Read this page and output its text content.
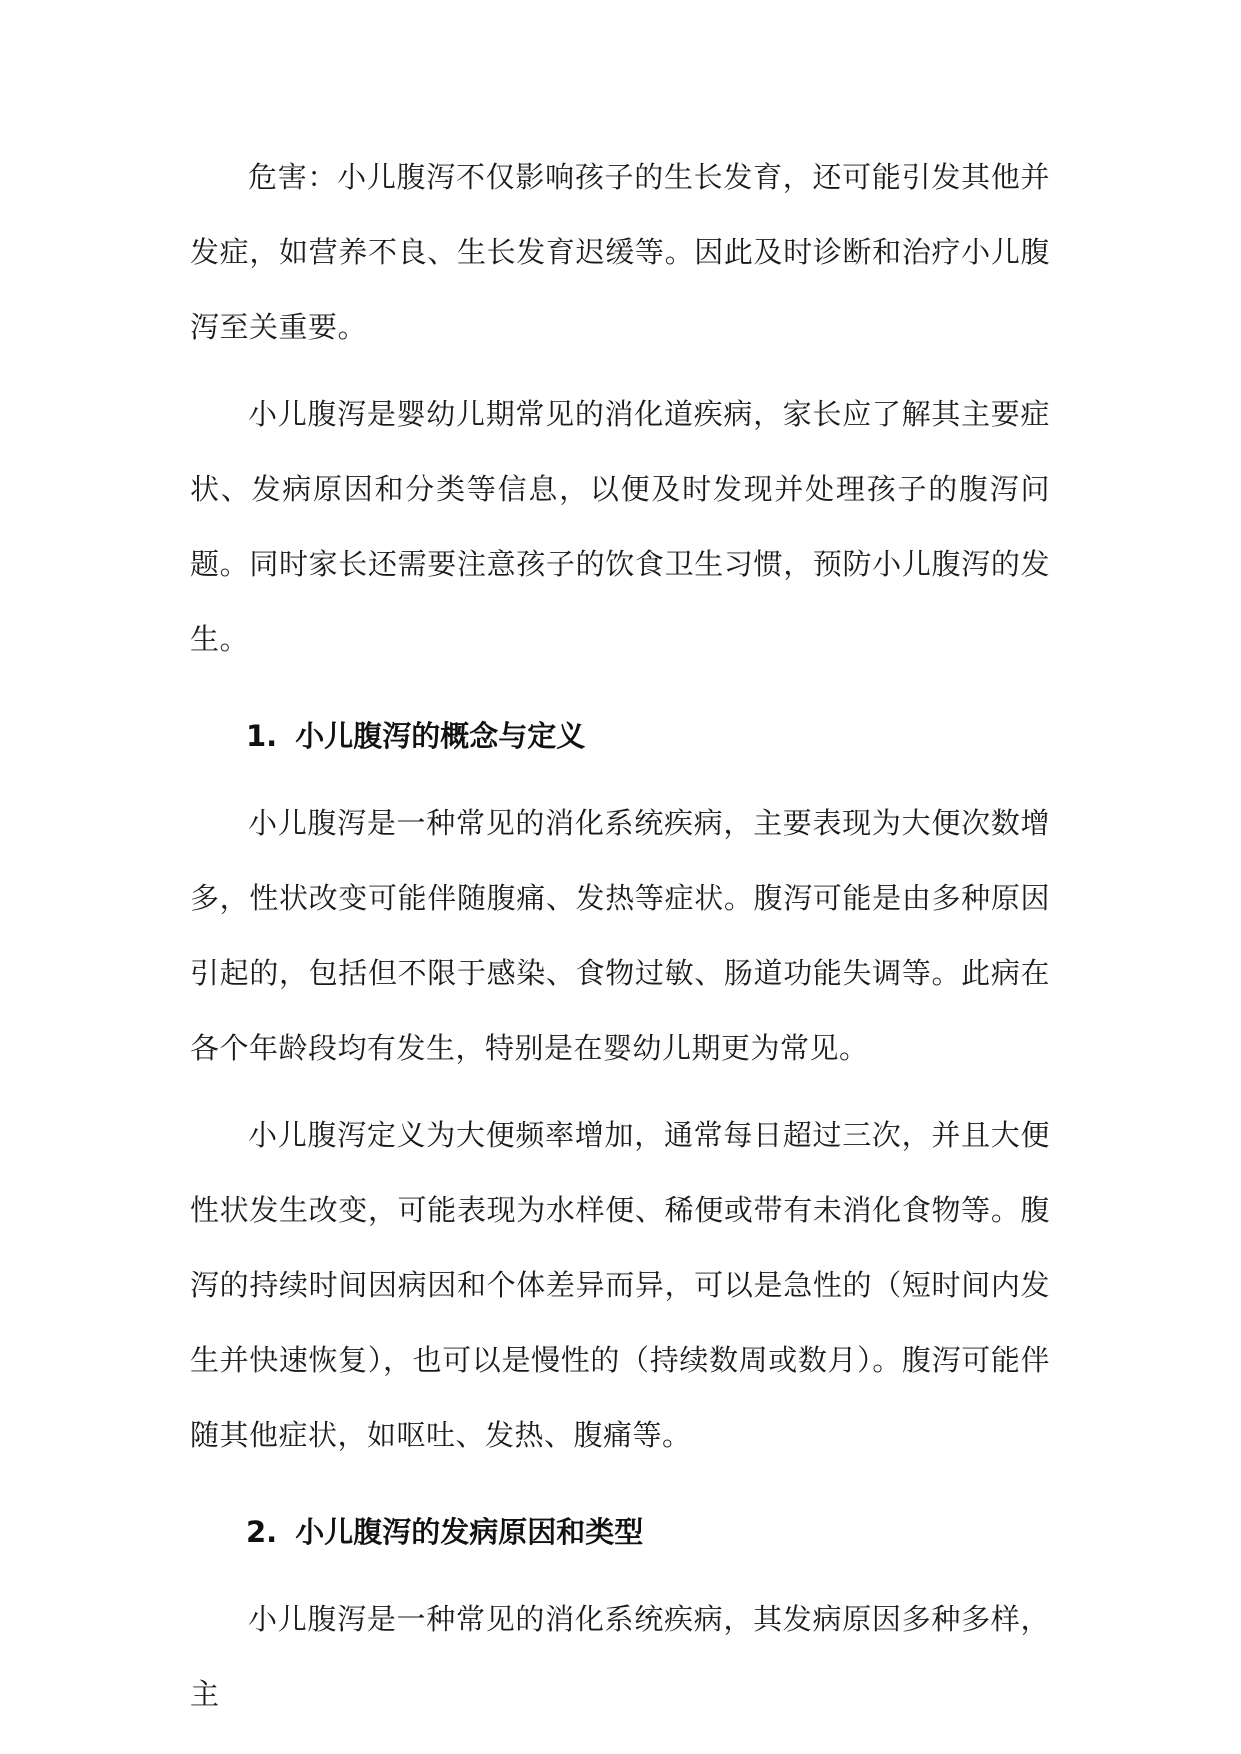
危害：小儿腹泻不仅影响孩子的生长发育，还可能引发其他并发症，如营养不良、生长发育迟缓等。因此及时诊断和治疗小儿腹泻至关重要。

小儿腹泻是婴幼儿期常见的消化道疾病，家长应了解其主要症状、发病原因和分类等信息，以便及时发现并处理孩子的腹泻问题。同时家长还需要注意孩子的饮食卫生习惯，预防小儿腹泻的发生。

1. 小儿腹泻的概念与定义

小儿腹泻是一种常见的消化系统疾病，主要表现为大便次数增多，性状改变可能伴随腹痛、发热等症状。腹泻可能是由多种原因引起的，包括但不限于感染、食物过敏、肠道功能失调等。此病在各个年龄段均有发生，特别是在婴幼儿期更为常见。

小儿腹泻定义为大便频率增加，通常每日超过三次，并且大便性状发生改变，可能表现为水样便、稀便或带有未消化食物等。腹泻的持续时间因病因和个体差异而异，可以是急性的（短时间内发生并快速恢复），也可以是慢性的（持续数周或数月）。腹泻可能伴随其他症状，如呕吐、发热、腹痛等。

2. 小儿腹泻的发病原因和类型

小儿腹泻是一种常见的消化系统疾病，其发病原因多种多样，主
